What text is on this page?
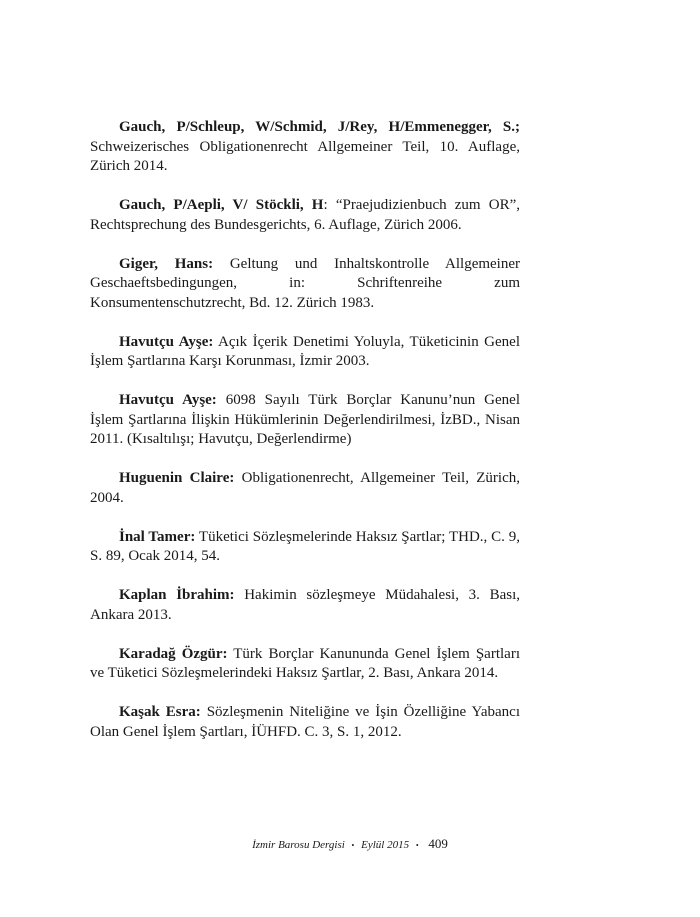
Gauch, P/Schleup, W/Schmid, J/Rey, H/Emmenegger, S.; Schweizerisches Obligationenrecht Allgemeiner Teil, 10. Auflage, Zürich 2014.

Gauch, P/Aepli, V/ Stöckli, H: “Praejudizienbuch zum OR”, Rechtsprechung des Bundesgerichts, 6. Auflage, Zürich 2006.

Giger, Hans: Geltung und Inhaltskontrolle Allgemeiner Geschaeftsbedingungen, in: Schriftenreihe zum Konsumentenschutzrecht, Bd. 12. Zürich 1983.

Havutçu Ayşe: Açık İçerik Denetimi Yoluyla, Tüketicinin Genel İşlem Şartlarına Karşı Korunması, İzmir 2003.

Havutçu Ayşe: 6098 Sayılı Türk Borçlar Kanunu’nun Genel İşlem Şartlarına İlişkin Hükümlerinin Değerlendirilmesi, İzBD., Nisan 2011. (Kısaltılışı; Havutçu, Değerlendirme)

Huguenin Claire: Obligationenrecht, Allgemeiner Teil, Zürich, 2004.

İnal Tamer: Tüketici Sözleşmelerinde Haksız Şartlar; THD., C. 9, S. 89, Ocak 2014, 54.

Kaplan İbrahim: Hakimin sözleşmeye Müdahalesi, 3. Bası, Ankara 2013.

Karadağ Özgür: Türk Borçlar Kanununda Genel İşlem Şartları ve Tüketici Sözleşmelerindeki Haksız Şartlar, 2. Bası, Ankara 2014.

Kaşak Esra: Sözleşmenin Niteliğine ve İşin Özelliğine Yabancı Olan Genel İşlem Şartları, İÜHFD. C. 3, S. 1, 2012.

İzmir Barosu Dergisi • Eylül 2015 • 409
